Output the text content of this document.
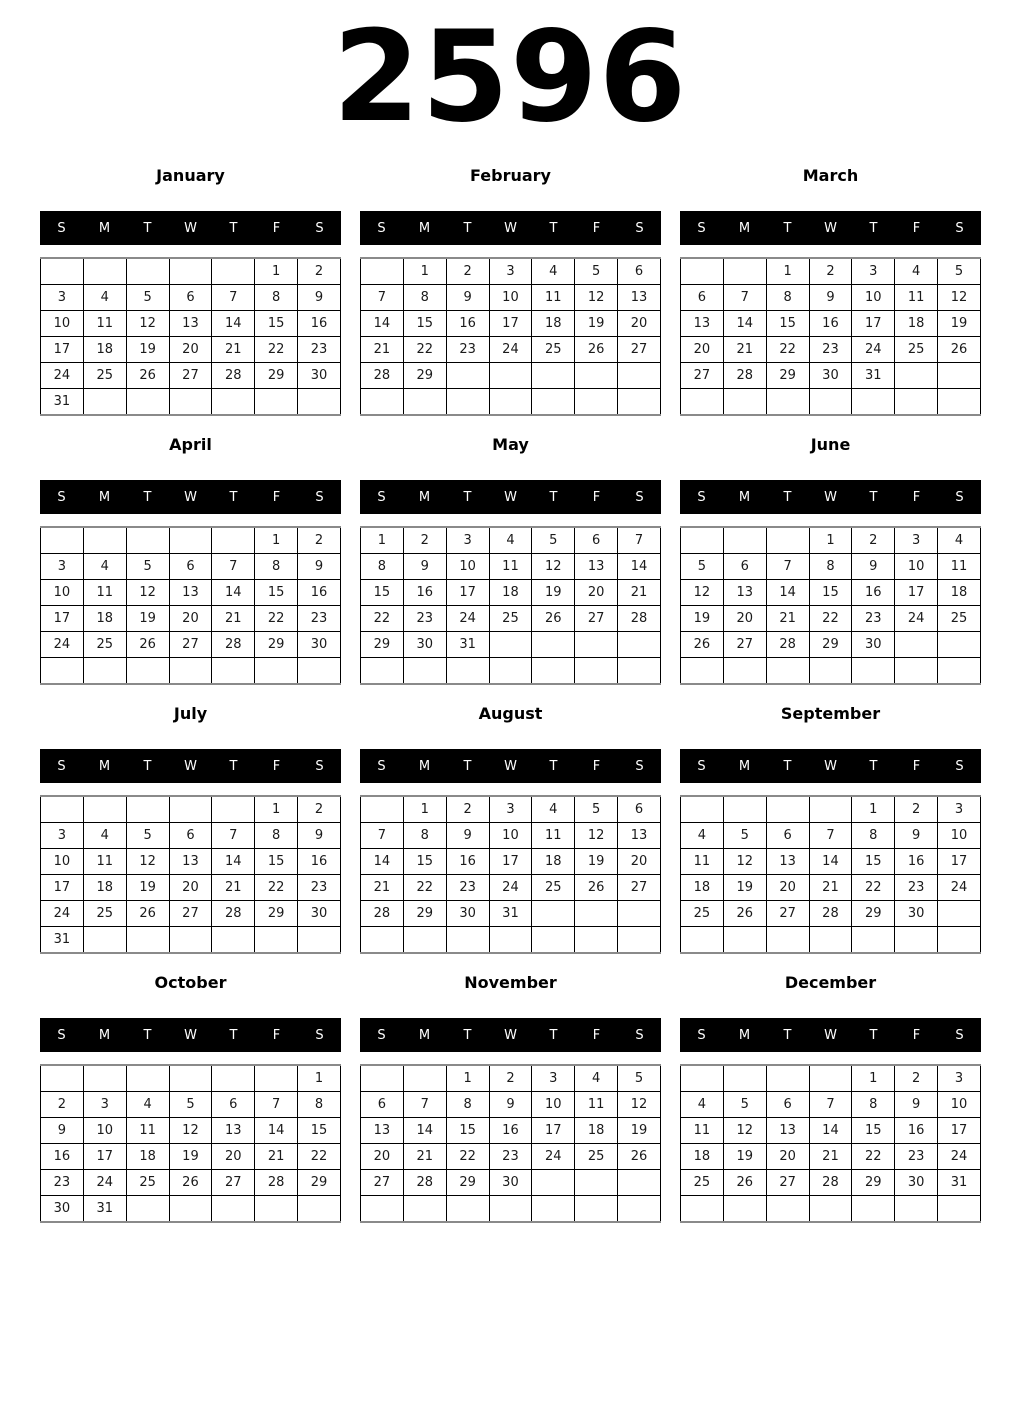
2596
January
S	M	T	W	T	F	S
					1	2
3	4	5	6	7	8	9
10	11	12	13	14	15	16
17	18	19	20	21	22	23
24	25	26	27	28	29	30
31						
February
S	M	T	W	T	F	S
	1	2	3	4	5	6
7	8	9	10	11	12	13
14	15	16	17	18	19	20
21	22	23	24	25	26	27
28	29					

March
S	M	T	W	T	F	S
		1	2	3	4	5
6	7	8	9	10	11	12
13	14	15	16	17	18	19
20	21	22	23	24	25	26
27	28	29	30	31		

April
S	M	T	W	T	F	S
					1	2
3	4	5	6	7	8	9
10	11	12	13	14	15	16
17	18	19	20	21	22	23
24	25	26	27	28	29	30

May
S	M	T	W	T	F	S
1	2	3	4	5	6	7
8	9	10	11	12	13	14
15	16	17	18	19	20	21
22	23	24	25	26	27	28
29	30	31				

June
S	M	T	W	T	F	S
			1	2	3	4
5	6	7	8	9	10	11
12	13	14	15	16	17	18
19	20	21	22	23	24	25
26	27	28	29	30		

July
S	M	T	W	T	F	S
					1	2
3	4	5	6	7	8	9
10	11	12	13	14	15	16
17	18	19	20	21	22	23
24	25	26	27	28	29	30
31						
August
S	M	T	W	T	F	S
	1	2	3	4	5	6
7	8	9	10	11	12	13
14	15	16	17	18	19	20
21	22	23	24	25	26	27
28	29	30	31			

September
S	M	T	W	T	F	S
				1	2	3
4	5	6	7	8	9	10
11	12	13	14	15	16	17
18	19	20	21	22	23	24
25	26	27	28	29	30	

October
S	M	T	W	T	F	S
						1
2	3	4	5	6	7	8
9	10	11	12	13	14	15
16	17	18	19	20	21	22
23	24	25	26	27	28	29
30	31					
November
S	M	T	W	T	F	S
		1	2	3	4	5
6	7	8	9	10	11	12
13	14	15	16	17	18	19
20	21	22	23	24	25	26
27	28	29	30			

December
S	M	T	W	T	F	S
				1	2	3
4	5	6	7	8	9	10
11	12	13	14	15	16	17
18	19	20	21	22	23	24
25	26	27	28	29	30	31
